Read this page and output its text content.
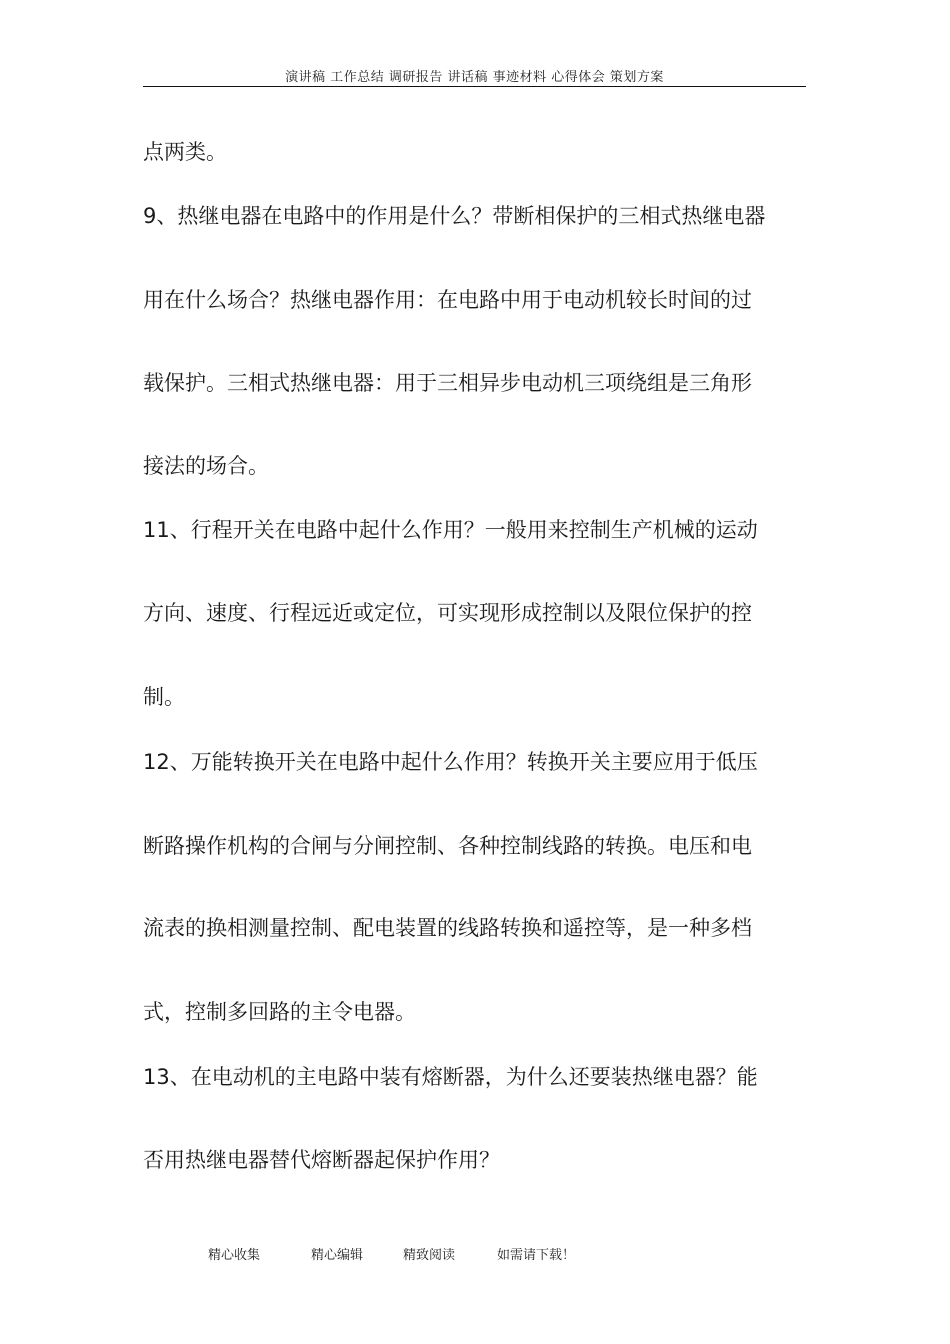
演讲稿 工作总结 调研报告 讲话稿 事迹材料 心得体会 策划方案
点两类。
9、热继电器在电路中的作用是什么？带断相保护的三相式热继电器
用在什么场合？热继电器作用：在电路中用于电动机较长时间的过
载保护。三相式热继电器：用于三相异步电动机三项绕组是三角形
接法的场合。
11、行程开关在电路中起什么作用？一般用来控制生产机械的运动
方向、速度、行程远近或定位，可实现形成控制以及限位保护的控
制。
12、万能转换开关在电路中起什么作用？转换开关主要应用于低压
断路操作机构的合闸与分闸控制、各种控制线路的转换。电压和电
流表的换相测量控制、配电装置的线路转换和遥控等，是一种多档
式，控制多回路的主令电器。
13、在电动机的主电路中装有熔断器，为什么还要装热继电器？能
否用热继电器替代熔断器起保护作用？
精心收集	精心编辑	精致阅读	如需请下载！
